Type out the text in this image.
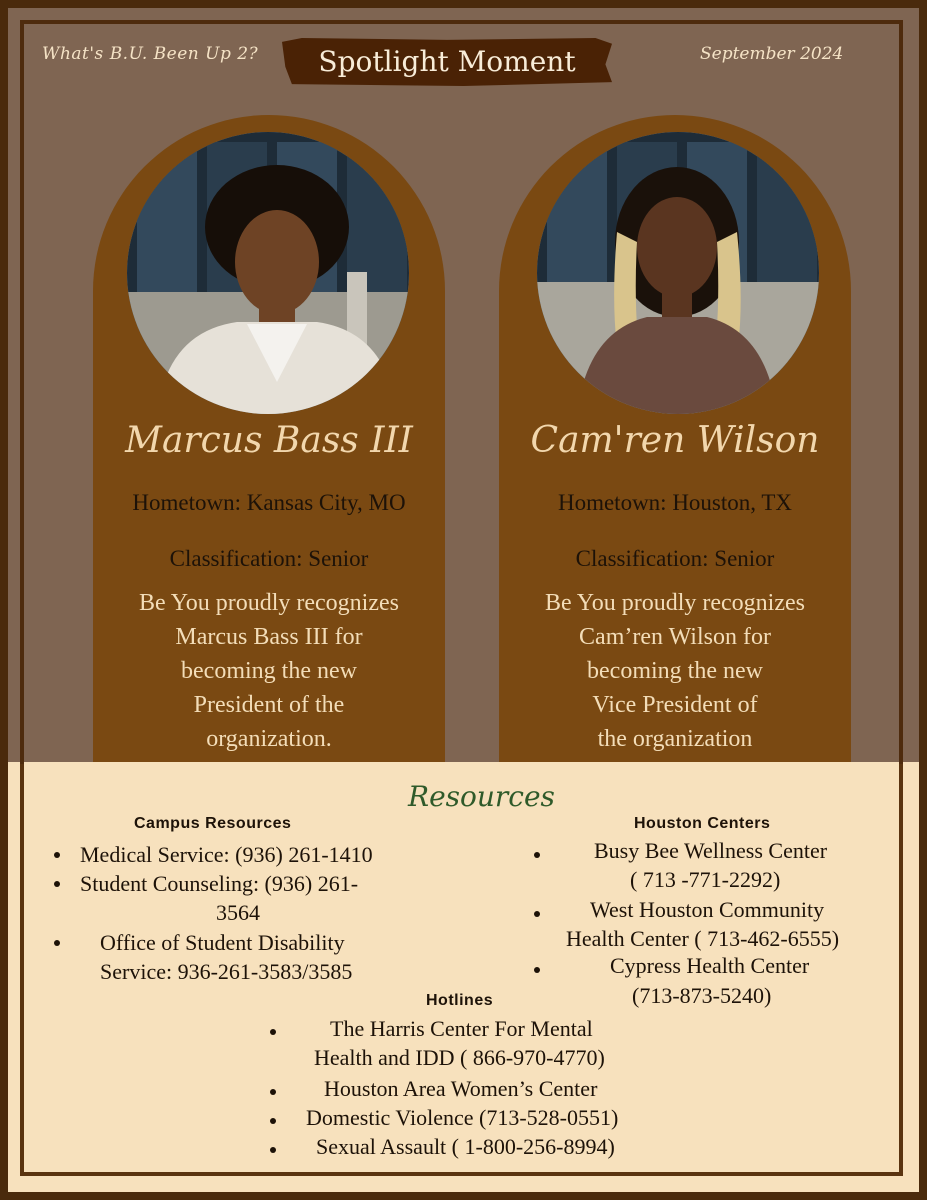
What's B.U. Been Up 2?	Spotlight Moment	September 2024
Marcus Bass III
Hometown: Kansas City, MO
Classification: Senior
Be You proudly recognizes
Marcus Bass III for
becoming the new
President of the
organization.
Cam'ren Wilson
Hometown: Houston, TX
Classification: Senior
Be You proudly recognizes
Cam’ren Wilson for
becoming the new
Vice President of
the organization
Resources
Campus Resources
Medical Service: (936) 261-1410
Student Counseling: (936) 261-
3564
Office of Student Disability
Service: 936-261-3583/3585
Houston Centers
Busy Bee Wellness Center
( 713 -771-2292)
West Houston Community
Health Center ( 713-462-6555)
Cypress Health Center
(713-873-5240)
Hotlines
The Harris Center For Mental
Health and IDD ( 866-970-4770)
Houston Area Women’s Center
Domestic Violence (713-528-0551)
Sexual Assault ( 1-800-256-8994)
